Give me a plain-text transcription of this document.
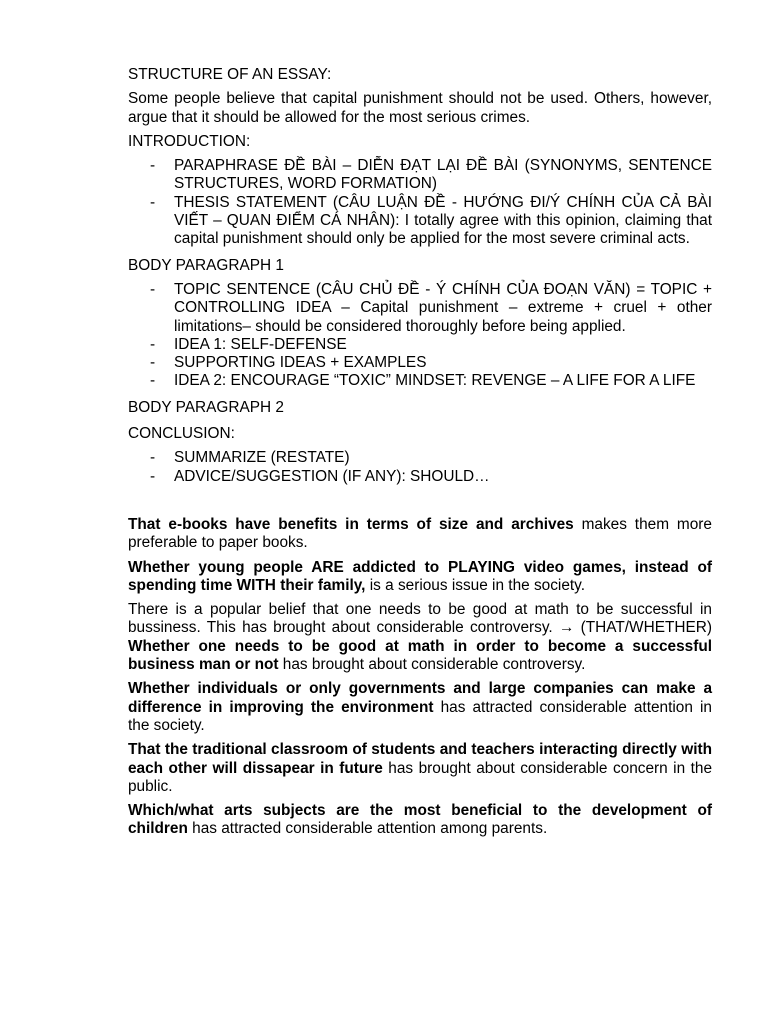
STRUCTURE OF AN ESSAY:

Some people believe that capital punishment should not be used. Others, however, argue that it should be allowed for the most serious crimes.

INTRODUCTION:

- PARAPHRASE ĐỀ BÀI – DIỄN ĐẠT LẠI ĐỀ BÀI (SYNONYMS, SENTENCE STRUCTURES, WORD FORMATION)
- THESIS STATEMENT (CÂU LUẬN ĐỀ - HƯỚNG ĐI/Ý CHÍNH CỦA CẢ BÀI VIẾT – QUAN ĐIỂM CÁ NHÂN): I totally agree with this opinion, claiming that capital punishment should only be applied for the most severe criminal acts.

BODY PARAGRAPH 1

- TOPIC SENTENCE (CÂU CHỦ ĐỀ - Ý CHÍNH CỦA ĐOẠN VĂN) = TOPIC + CONTROLLING IDEA – Capital punishment – extreme + cruel + other limitations– should be considered thoroughly before being applied.
- IDEA 1: SELF-DEFENSE
- SUPPORTING IDEAS + EXAMPLES
- IDEA 2: ENCOURAGE “TOXIC” MINDSET: REVENGE – A LIFE FOR A LIFE

BODY PARAGRAPH 2

CONCLUSION:

- SUMMARIZE (RESTATE)
- ADVICE/SUGGESTION (IF ANY): SHOULD…

That e-books have benefits in terms of size and archives makes them more preferable to paper books.

Whether young people ARE addicted to PLAYING video games, instead of spending time WITH their family, is a serious issue in the society.

There is a popular belief that one needs to be good at math to be successful in bussiness. This has brought about considerable controversy. → (THAT/WHETHER) Whether one needs to be good at math in order to become a successful business man or not has brought about considerable controversy.

Whether individuals or only governments and large companies can make a difference in improving the environment has attracted considerable attention in the society.

That the traditional classroom of students and teachers interacting directly with each other will dissapear in future has brought about considerable concern in the public.

Which/what arts subjects are the most beneficial to the development of children has attracted considerable attention among parents.
